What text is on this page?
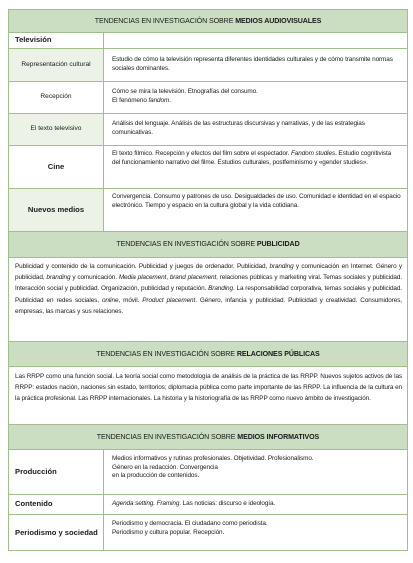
TENDENCIAS EN INVESTIGACIÓN SOBRE MEDIOS AUDIOVISUALES
Televisión
Representación cultural
Estudio de cómo la televisión representa diferentes identidades culturales y de cómo transmite normas sociales dominantes.
Recepción

Cómo se mira la televisión. Etnografías del consumo.

El fenómeno fandom.

El texto televisivo
Análisis del lenguaje. Análisis de las estructuras discursivas y narrativas, y de las estrategias comunicativas.
Cine
El texto fílmico. Recepción y efectos del film sobre el espectador. Fandom studies. Estudio cognitivista del funcionamiento narrativo del filme. Estudios culturales, postfeminismo y «gender studies».
Nuevos medios
Convergencia. Consumo y patrones de uso. Desigualdades de uso. Comunidad e identidad en el espacio electrónico. Tiempo y espacio en la cultura global y la vida cotidiana.
TENDENCIAS EN INVESTIGACIÓN SOBRE PUBLICIDAD
Publicidad y contenido de la comunicación. Publicidad y juegos de ordenador. Publicidad, branding y comunicación en Internet. Género y publicidad, branding y comunicación. Media placement, brand placement, relaciones públicas y marketing viral. Temas sociales y publicidad. Interacción social y publicidad. Organización, publicidad y reputación. Branding. La responsabilidad corporativa, temas sociales y publicidad. Publicidad en redes sociales, online, móvil. Product placement. Género, infancia y publicidad. Publicidad y creatividad. Consumidores, empresas, las marcas y sus relaciones.
TENDENCIAS EN INVESTIGACIÓN SOBRE RELACIONES PÚBLICAS
Las RRPP como una función social. La teoría social como metodología de análisis de la práctica de las RRPP. Nuevos sujetos activos de las RRPP: estados nación, naciones sin estado, territorios; diplomacia pública como parte importante de las RRPP. La influencia de la cultura en la práctica profesional. Las RRPP internacionales. La historia y la historiografía de las RRPP como nuevo ámbito de investigación.
TENDENCIAS EN INVESTIGACIÓN SOBRE MEDIOS INFORMATIVOS
Producción

Medios informativos y rutinas profesionales. Objetividad. Profesionalismo.

Género en la redacción. Convergencia

en la producción de contenidos.

Contenido	Agenda setting. Framing. Las noticias: discurso e ideología.
Periodismo y sociedad

Periodismo y democracia. El ciudadano como periodista.

Periodismo y cultura popular. Recepción.
